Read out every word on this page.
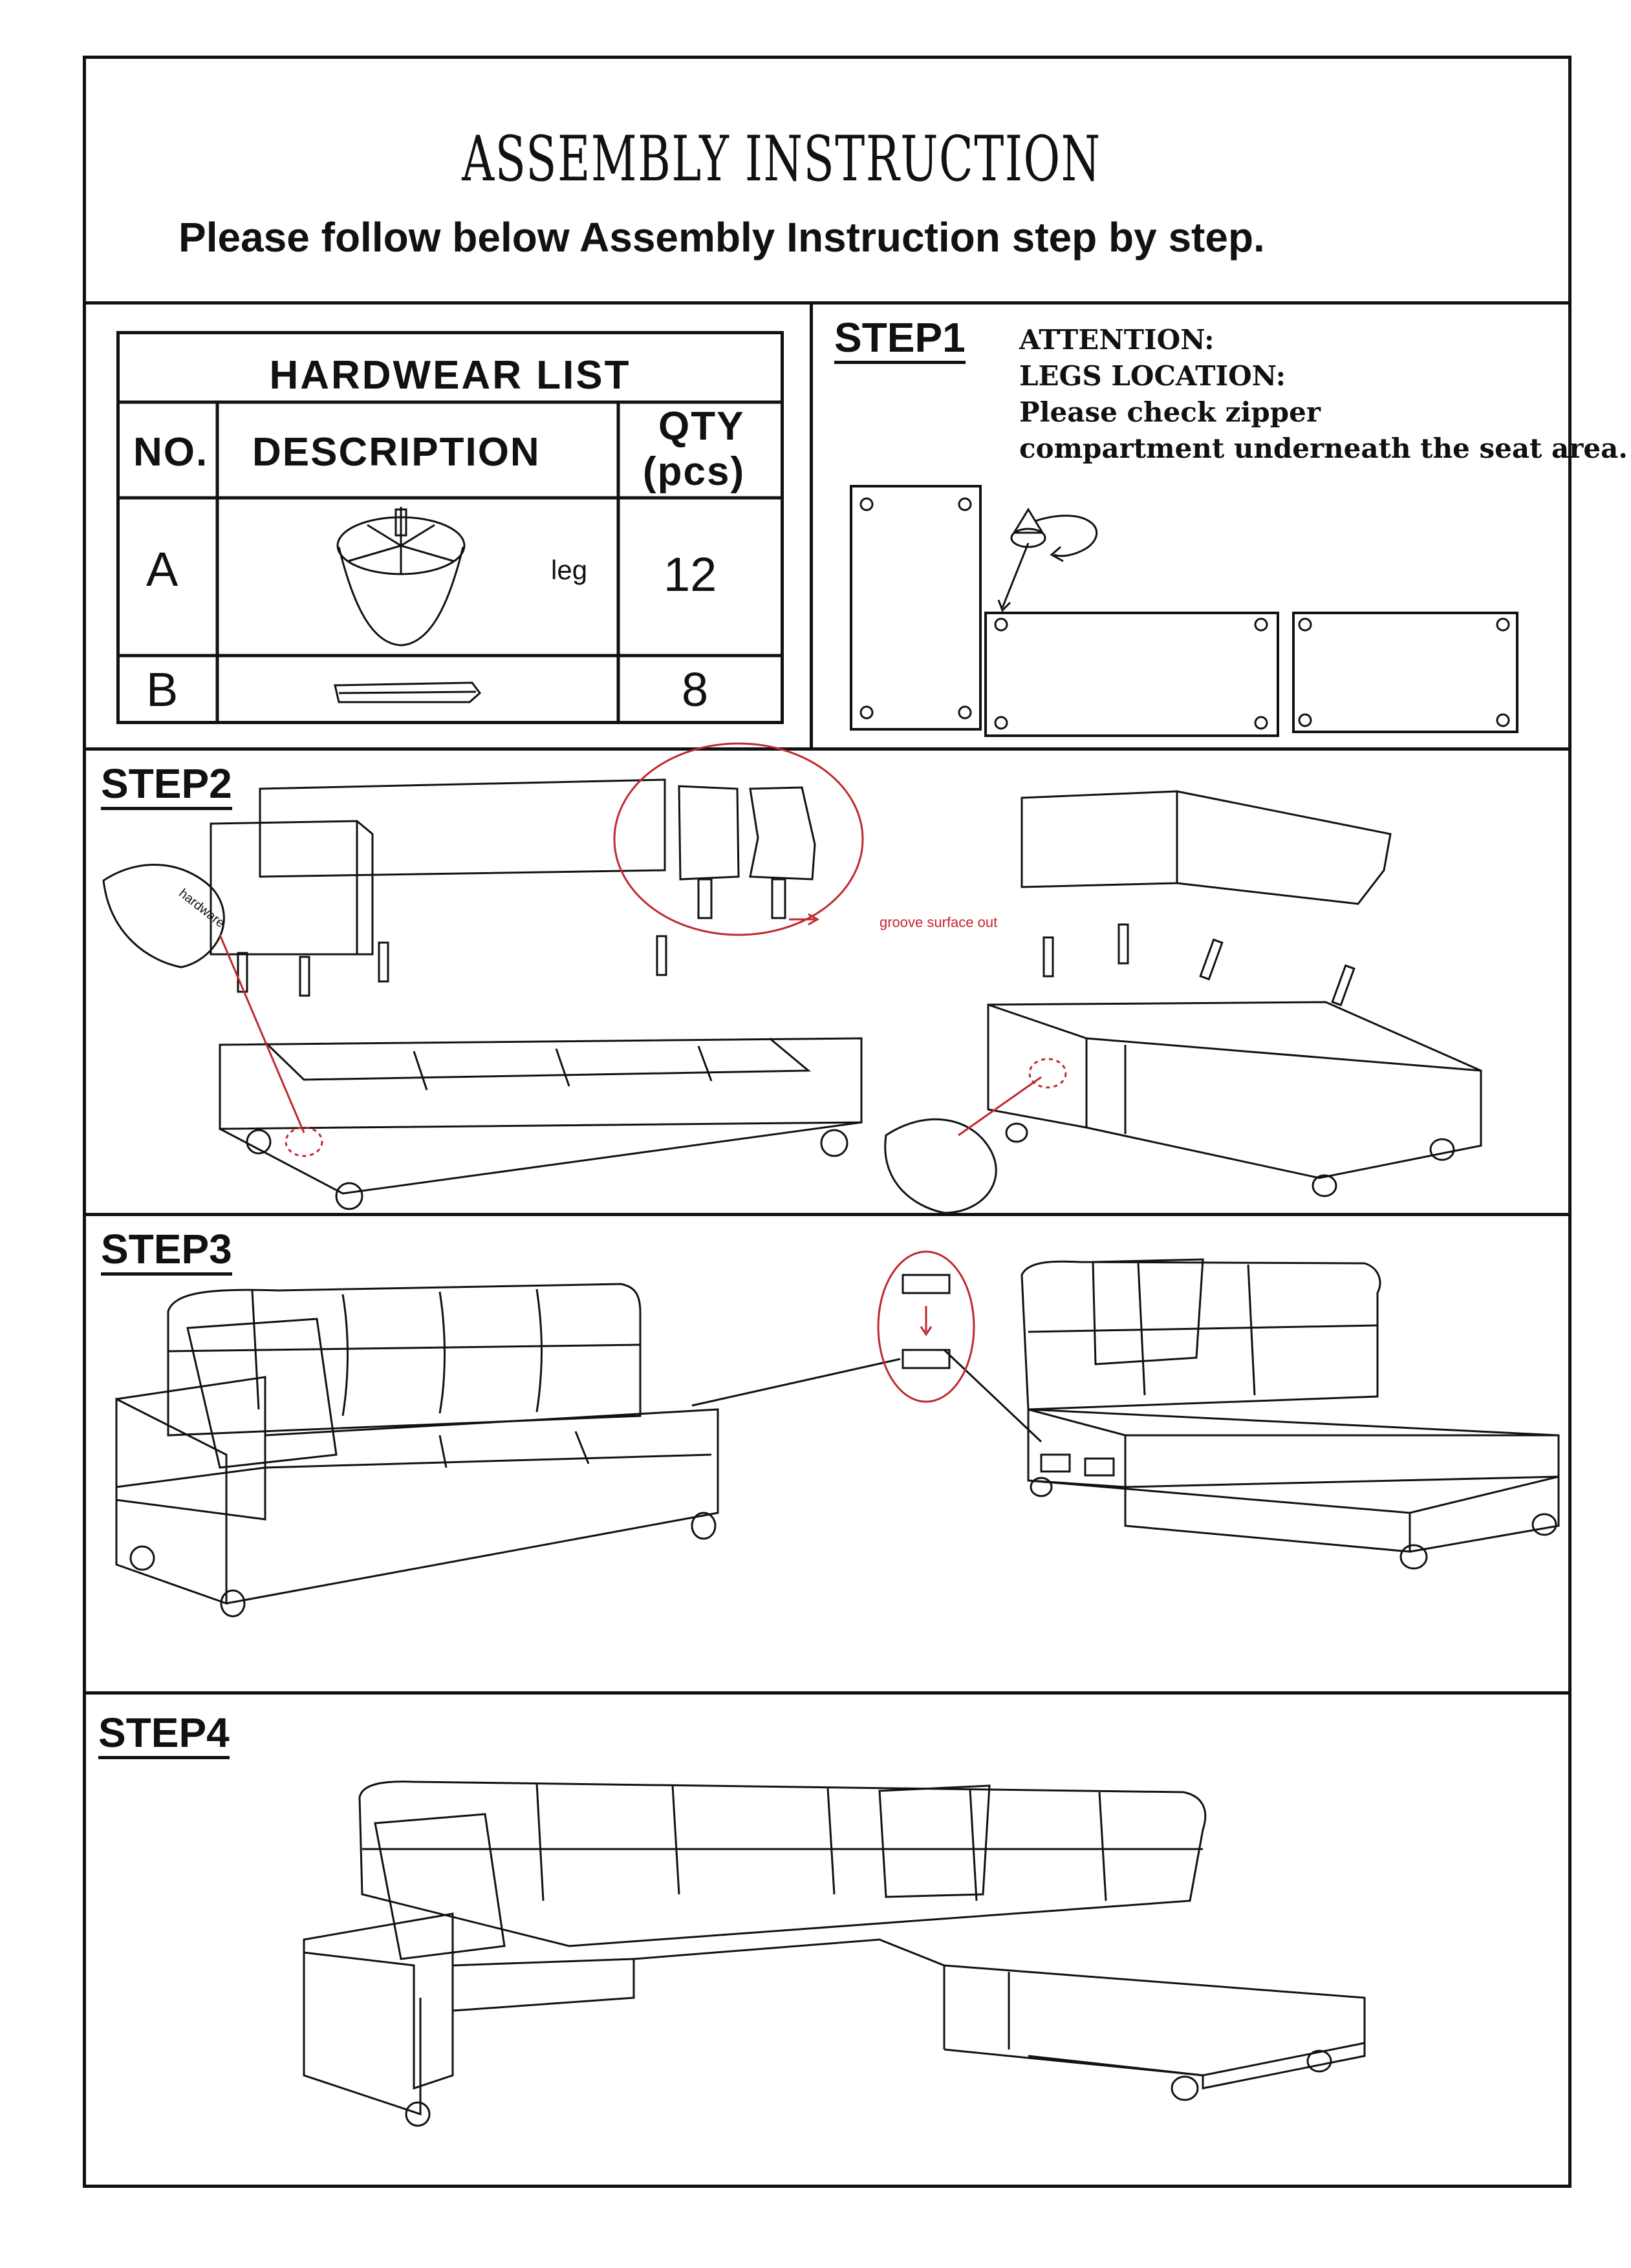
ASSEMBLY INSTRUCTION
Please follow below Assembly Instruction step by step.
HARDWEAR LIST
NO. DESCRIPTION
QTY
(pcs)
A	leg 12
B	8
STEP1 ATTENTION:
LEGS LOCATION:
Please check zipper
compartment underneath the seat area.
STEP2
groove surface out
hardware
STEP3
STEP4
